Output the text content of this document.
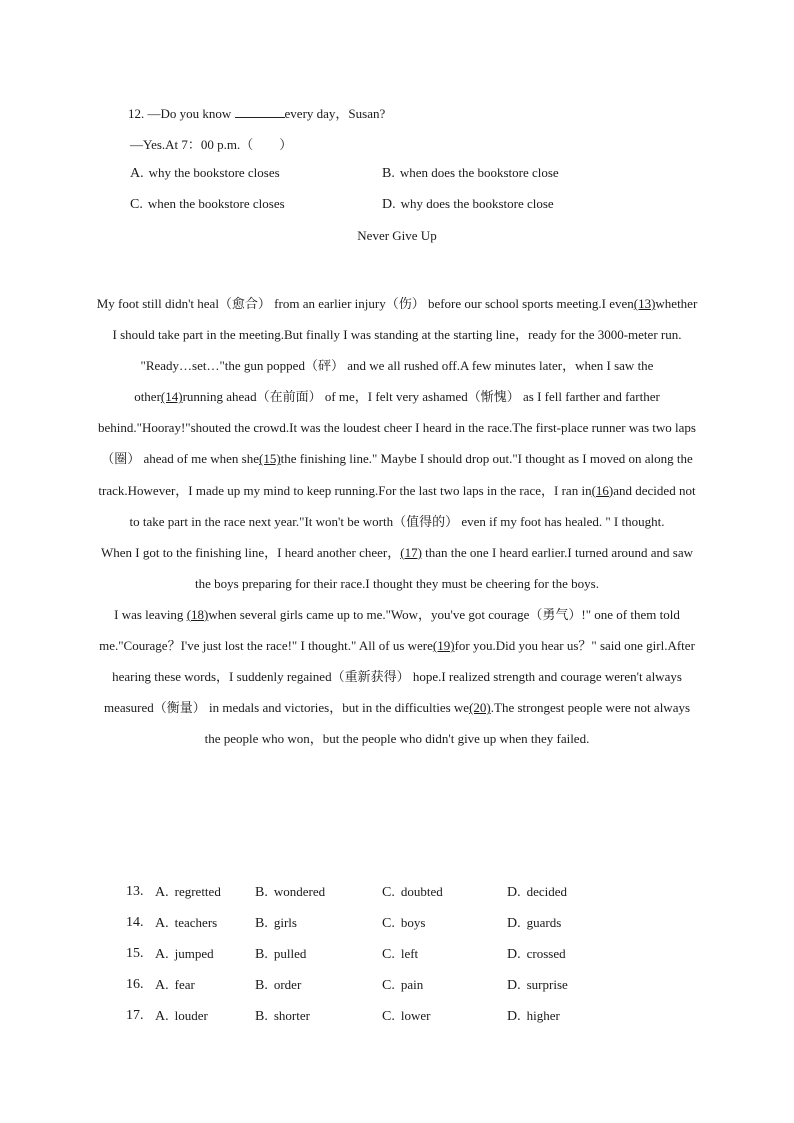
12. —Do you know	every day，Susan?
—Yes.At 7：00 p.m.（　　）
A. why the bookstore closes	B. when does the bookstore close
C. when the bookstore closes	D. why does the bookstore close
Never Give Up

My foot still didn't heal（愈合） from an earlier injury（伤） before our school sports meeting.I even(13)whether I should take part in the meeting.But finally I was standing at the starting line，ready for the 3000-meter run. "Ready…set…"the gun popped（砰） and we all rushed off.A few minutes later，when I saw the other(14)running ahead（在前面） of me，I felt very ashamed（惭愧） as I fell farther and farther behind."Hooray!"shouted the crowd.It was the loudest cheer I heard in the race.The first-place runner was two laps（圈） ahead of me when she(15)the finishing line." Maybe I should drop out."I thought as I moved on along the track.However，I made up my mind to keep running.For the last two laps in the race，I ran in(16)and decided not to take part in the race next year."It won't be worth（值得的） even if my foot has healed. " I thought.

When I got to the finishing line，I heard another cheer，(17) than the one I heard earlier.I turned around and saw the boys preparing for their race.I thought they must be cheering for the boys.

I was leaving (18)when several girls came up to me."Wow，you've got courage（勇气）!" one of them told me."Courage？I've just lost the race!" I thought." All of us were(19)for you.Did you hear us？" said one girl.After hearing these words，I suddenly regained（重新获得） hope.I realized strength and courage weren't always measured（衡量） in medals and victories，but in the difficulties we(20).The strongest people were not always the people who won，but the people who didn't give up when they failed.

13. A. regretted B. wondered	C. doubted	D. decided
14. A. teachers	B. girls	C. boys	D. guards
15. A. jumped	B. pulled	C. left	D. crossed
16. A. fear	B. order	C. pain	D. surprise
17. A. louder	B. shorter	C. lower	D. higher
